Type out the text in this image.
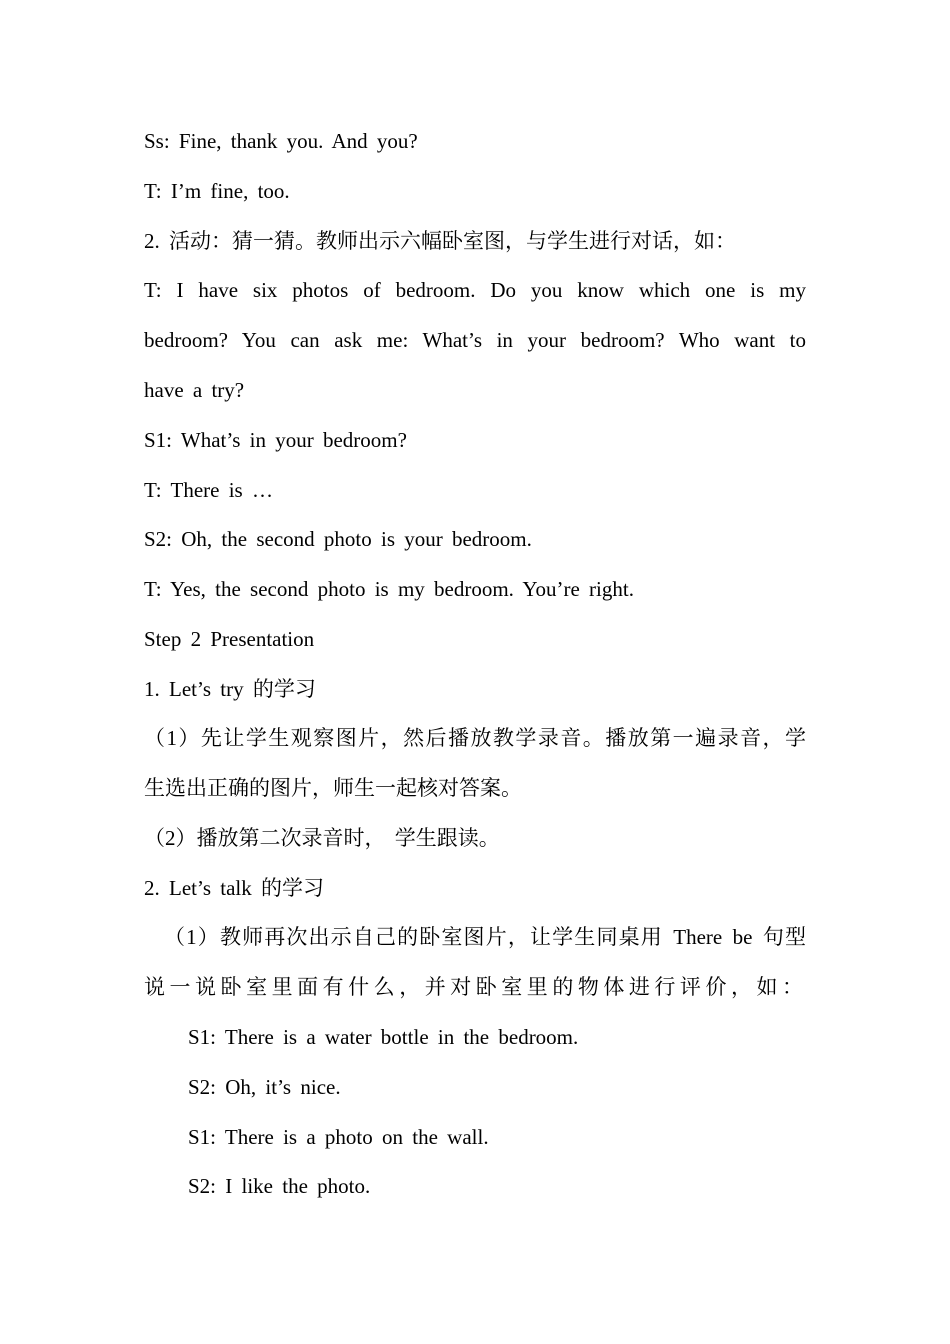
Ss: Fine, thank you. And you?
T: I’m fine, too.
2. 活动：猜一猜。教师出示六幅卧室图，与学生进行对话，如：
T: I have six photos of bedroom. Do you know which one is my
bedroom? You can ask me: What’s in your bedroom? Who want to
have a try?
S1: What’s in your bedroom?
T: There is …
S2: Oh, the second photo is your bedroom.
T: Yes, the second photo is my bedroom. You’re right.
Step 2 Presentation
1. Let’s try 的学习
（1）先让学生观察图片，然后播放教学录音。播放第一遍录音，学
生选出正确的图片，师生一起核对答案。
（2）播放第二次录音时， 学生跟读。
2. Let’s talk 的学习
（1）教师再次出示自己的卧室图片，让学生同桌用 There be 句型
说一说卧室里面有什么，并对卧室里的物体进行评价，如：
S1: There is a water bottle in the bedroom.
S2: Oh, it’s nice.
S1: There is a photo on the wall.
S2: I like the photo.
